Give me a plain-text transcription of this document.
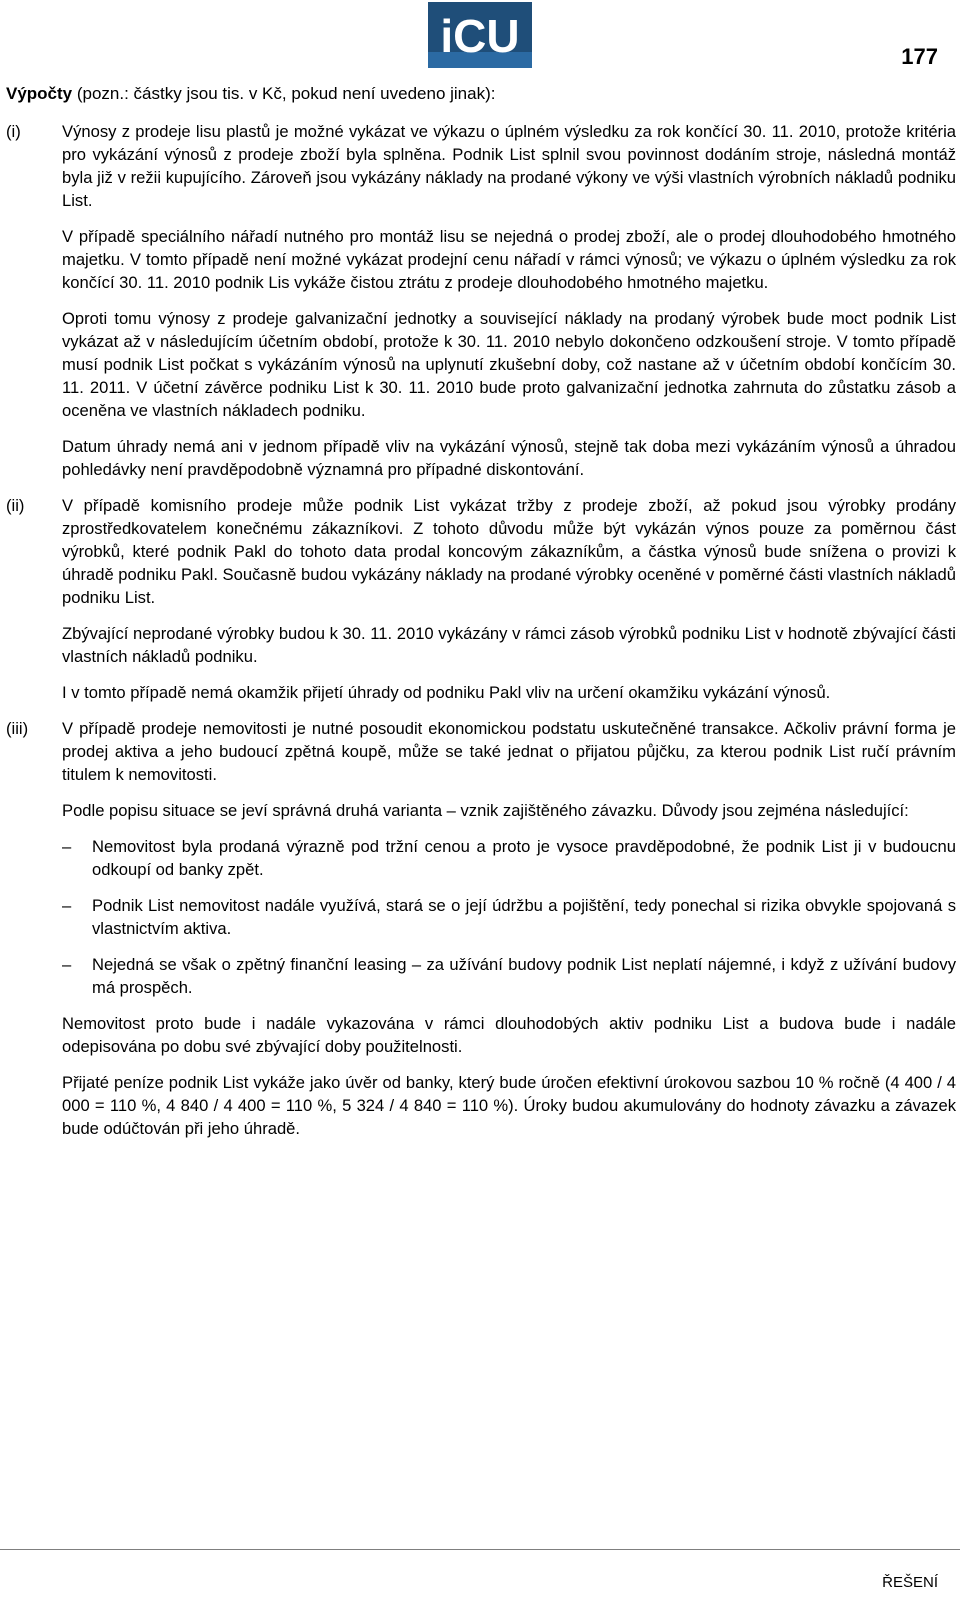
iCU	177
Výpočty (pozn.: částky jsou tis. v Kč, pokud není uvedeno jinak):
(i)	Výnosy z prodeje lisu plastů je možné vykázat ve výkazu o úplném výsledku za rok končící 30. 11. 2010, protože kritéria pro vykázání výnosů z prodeje zboží byla splněna. Podnik List splnil svou povinnost dodáním stroje, následná montáž byla již v režii kupujícího. Zároveň jsou vykázány náklady na prodané výkony ve výši vlastních výrobních nákladů podniku List.

V případě speciálního nářadí nutného pro montáž lisu se nejedná o prodej zboží, ale o prodej dlouhodobého hmotného majetku. V tomto případě není možné vykázat prodejní cenu nářadí v rámci výnosů; ve výkazu o úplném výsledku za rok končící 30. 11. 2010 podnik Lis vykáže čistou ztrátu z prodeje dlouhodobého hmotného majetku.

Oproti tomu výnosy z prodeje galvanizační jednotky a související náklady na prodaný výrobek bude moct podnik List vykázat až v následujícím účetním období, protože k 30. 11. 2010 nebylo dokončeno odzkoušení stroje. V tomto případě musí podnik List počkat s vykázáním výnosů na uplynutí zkušební doby, což nastane až v účetním období končícím 30. 11. 2011. V účetní závěrce podniku List k 30. 11. 2010 bude proto galvanizační jednotka zahrnuta do zůstatku zásob a oceněna ve vlastních nákladech podniku.

Datum úhrady nemá ani v jednom případě vliv na vykázání výnosů, stejně tak doba mezi vykázáním výnosů a úhradou pohledávky není pravděpodobně významná pro případné diskontování.

(ii)	V případě komisního prodeje může podnik List vykázat tržby z prodeje zboží, až pokud jsou výrobky prodány zprostředkovatelem konečnému zákazníkovi. Z tohoto důvodu může být vykázán výnos pouze za poměrnou část výrobků, které podnik Pakl do tohoto data prodal koncovým zákazníkům, a částka výnosů bude snížena o provizi k úhradě podniku Pakl. Současně budou vykázány náklady na prodané výrobky oceněné v poměrné části vlastních nákladů podniku List.

Zbývající neprodané výrobky budou k 30. 11. 2010 vykázány v rámci zásob výrobků podniku List v hodnotě zbývající části vlastních nákladů podniku.

I v tomto případě nemá okamžik přijetí úhrady od podniku Pakl vliv na určení okamžiku vykázání výnosů.

(iii)	V případě prodeje nemovitosti je nutné posoudit ekonomickou podstatu uskutečněné transakce. Ačkoliv právní forma je prodej aktiva a jeho budoucí zpětná koupě, může se také jednat o přijatou půjčku, za kterou podnik List ručí právním titulem k nemovitosti.

Podle popisu situace se jeví správná druhá varianta – vznik zajištěného závazku. Důvody jsou zejména následující:

– Nemovitost byla prodaná výrazně pod tržní cenou a proto je vysoce pravděpodobné, že podnik List ji v budoucnu odkoupí od banky zpět.
– Podnik List nemovitost nadále využívá, stará se o její údržbu a pojištění, tedy ponechal si rizika obvykle spojovaná s vlastnictvím aktiva.
– Nejedná se však o zpětný finanční leasing – za užívání budovy podnik List neplatí nájemné, i když z užívání budovy má prospěch.

Nemovitost proto bude i nadále vykazována v rámci dlouhodobých aktiv podniku List a budova bude i nadále odepisována po dobu své zbývající doby použitelnosti.

Přijaté peníze podnik List vykáže jako úvěr od banky, který bude úročen efektivní úrokovou sazbou 10 % ročně (4 400 / 4 000 = 110 %, 4 840 / 4 400 = 110 %, 5 324 / 4 840 = 110 %). Úroky budou akumulovány do hodnoty závazku a závazek bude odúčtován při jeho úhradě.

ŘEŠENÍ
